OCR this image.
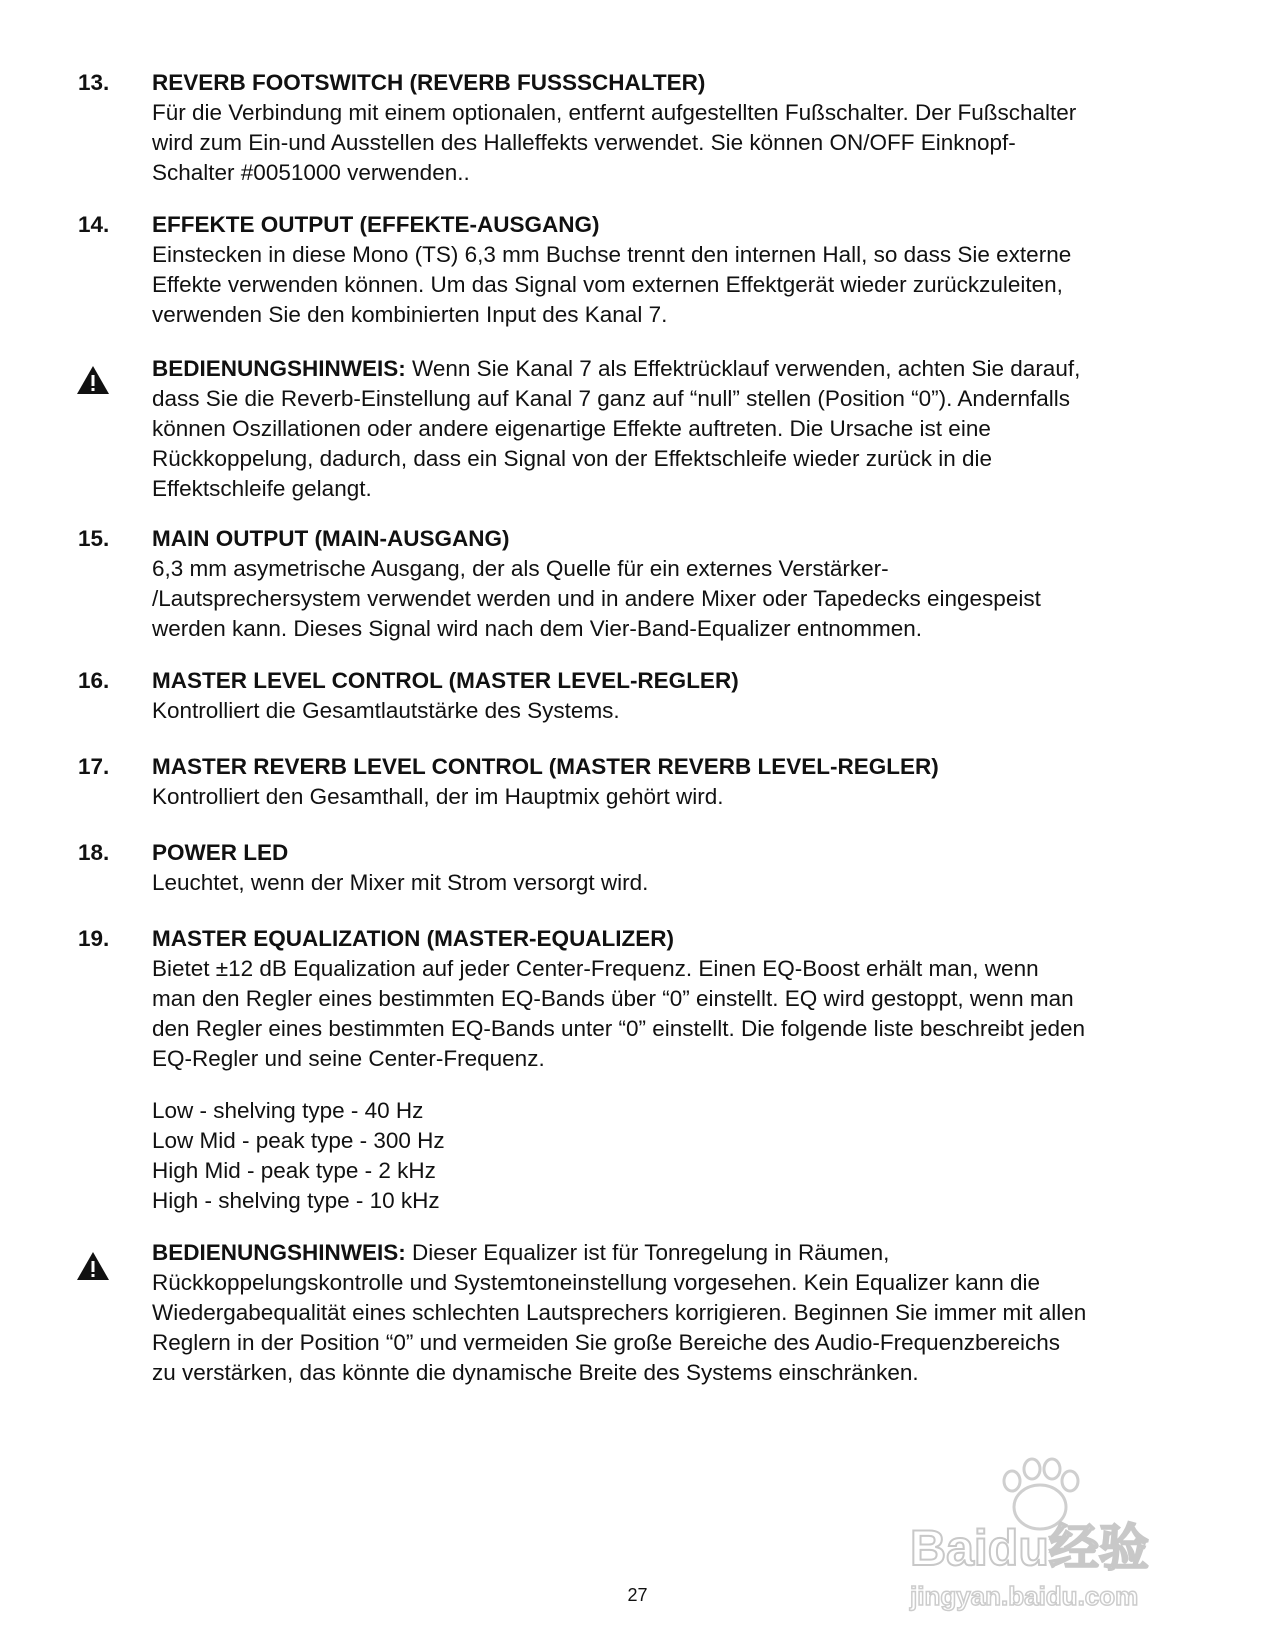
13. REVERB FOOTSWITCH (REVERB FUSSSCHALTER)
Für die Verbindung mit einem optionalen, entfernt aufgestellten Fußschalter. Der Fußschalter
wird zum Ein-und Ausstellen des Halleffekts verwendet. Sie können ON/OFF Einknopf-
Schalter #0051000 verwenden..
14. EFFEKTE OUTPUT (EFFEKTE-AUSGANG)
Einstecken in diese Mono (TS) 6,3 mm Buchse trennt den internen Hall, so dass Sie externe
Effekte verwenden können. Um das Signal vom externen Effektgerät wieder zurückzuleiten,
verwenden Sie den kombinierten Input des Kanal 7.
BEDIENUNGSHINWEIS: Wenn Sie Kanal 7 als Effektrücklauf verwenden, achten Sie darauf,
dass Sie die Reverb-Einstellung auf Kanal 7 ganz auf “null” stellen (Position “0”). Andernfalls
können Oszillationen oder andere eigenartige Effekte auftreten. Die Ursache ist eine
Rückkoppelung, dadurch, dass ein Signal von der Effektschleife wieder zurück in die
Effektschleife gelangt.
15. MAIN OUTPUT (MAIN-AUSGANG)
6,3 mm asymetrische Ausgang, der als Quelle für ein externes Verstärker-
/Lautsprechersystem verwendet werden und in andere Mixer oder Tapedecks eingespeist
werden kann. Dieses Signal wird nach dem Vier-Band-Equalizer entnommen.
16. MASTER LEVEL CONTROL (MASTER LEVEL-REGLER)
Kontrolliert die Gesamtlautstärke des Systems.
17. MASTER REVERB LEVEL CONTROL (MASTER REVERB LEVEL-REGLER)
Kontrolliert den Gesamthall, der im Hauptmix gehört wird.
18. POWER LED
Leuchtet, wenn der Mixer mit Strom versorgt wird.
19. MASTER EQUALIZATION (MASTER-EQUALIZER)
Bietet ±12 dB Equalization auf jeder Center-Frequenz. Einen EQ-Boost erhält man, wenn
man den Regler eines bestimmten EQ-Bands über “0” einstellt. EQ wird gestoppt, wenn man
den Regler eines bestimmten EQ-Bands unter “0” einstellt. Die folgende liste beschreibt jeden
EQ-Regler und seine Center-Frequenz.
Low - shelving type - 40 Hz
Low Mid - peak type - 300 Hz
High Mid - peak type - 2 kHz
High - shelving type - 10 kHz
BEDIENUNGSHINWEIS: Dieser Equalizer ist für Tonregelung in Räumen,
Rückkoppelungskontrolle und Systemtoneinstellung vorgesehen. Kein Equalizer kann die
Wiedergabequalität eines schlechten Lautsprechers korrigieren. Beginnen Sie immer mit allen
Reglern in der Position “0” und vermeiden Sie große Bereiche des Audio-Frequenzbereichs
zu verstärken, das könnte die dynamische Breite des Systems einschränken.
Baidu经验
jingyan.baidu.com
27
